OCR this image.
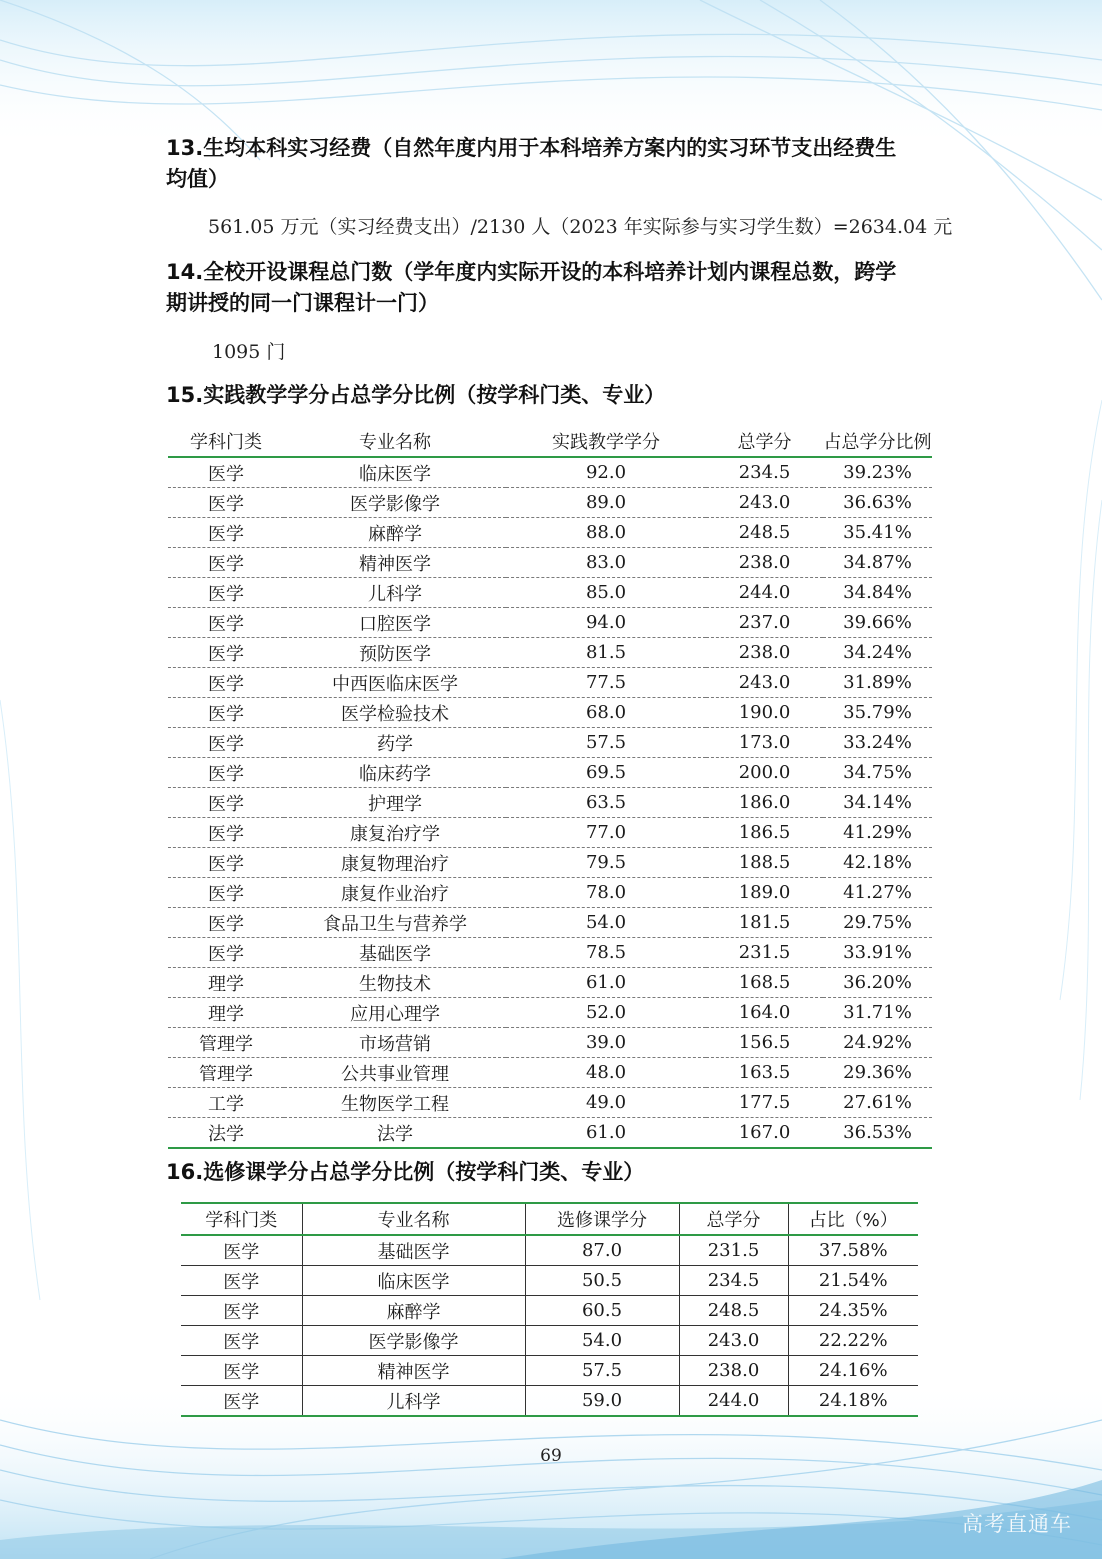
13.生均本科实习经费（自然年度内用于本科培养方案内的实习环节支出经费生
均值）
561.05 万元（实习经费支出）/2130 人（2023 年实际参与实习学生数）=2634.04 元
14.全校开设课程总门数（学年度内实际开设的本科培养计划内课程总数，跨学
期讲授的同一门课程计一门）
1095 门
15.实践教学学分占总学分比例（按学科门类、专业）
学科门类	专业名称	实践教学学分	总学分	占总学分比例
医学	临床医学	92.0	234.5	39.23%
医学	医学影像学	89.0	243.0	36.63%
医学	麻醉学	88.0	248.5	35.41%
医学	精神医学	83.0	238.0	34.87%
医学	儿科学	85.0	244.0	34.84%
医学	口腔医学	94.0	237.0	39.66%
医学	预防医学	81.5	238.0	34.24%
医学	中西医临床医学	77.5	243.0	31.89%
医学	医学检验技术	68.0	190.0	35.79%
医学	药学	57.5	173.0	33.24%
医学	临床药学	69.5	200.0	34.75%
医学	护理学	63.5	186.0	34.14%
医学	康复治疗学	77.0	186.5	41.29%
医学	康复物理治疗	79.5	188.5	42.18%
医学	康复作业治疗	78.0	189.0	41.27%
医学	食品卫生与营养学	54.0	181.5	29.75%
医学	基础医学	78.5	231.5	33.91%
理学	生物技术	61.0	168.5	36.20%
理学	应用心理学	52.0	164.0	31.71%
管理学	市场营销	39.0	156.5	24.92%
管理学	公共事业管理	48.0	163.5	29.36%
工学	生物医学工程	49.0	177.5	27.61%
法学	法学	61.0	167.0	36.53%
16.选修课学分占总学分比例（按学科门类、专业）
学科门类	专业名称	选修课学分	总学分	占比（%）
医学	基础医学	87.0	231.5	37.58%
医学	临床医学	50.5	234.5	21.54%
医学	麻醉学	60.5	248.5	24.35%
医学	医学影像学	54.0	243.0	22.22%
医学	精神医学	57.5	238.0	24.16%
医学	儿科学	59.0	244.0	24.18%
69
高考直通车
